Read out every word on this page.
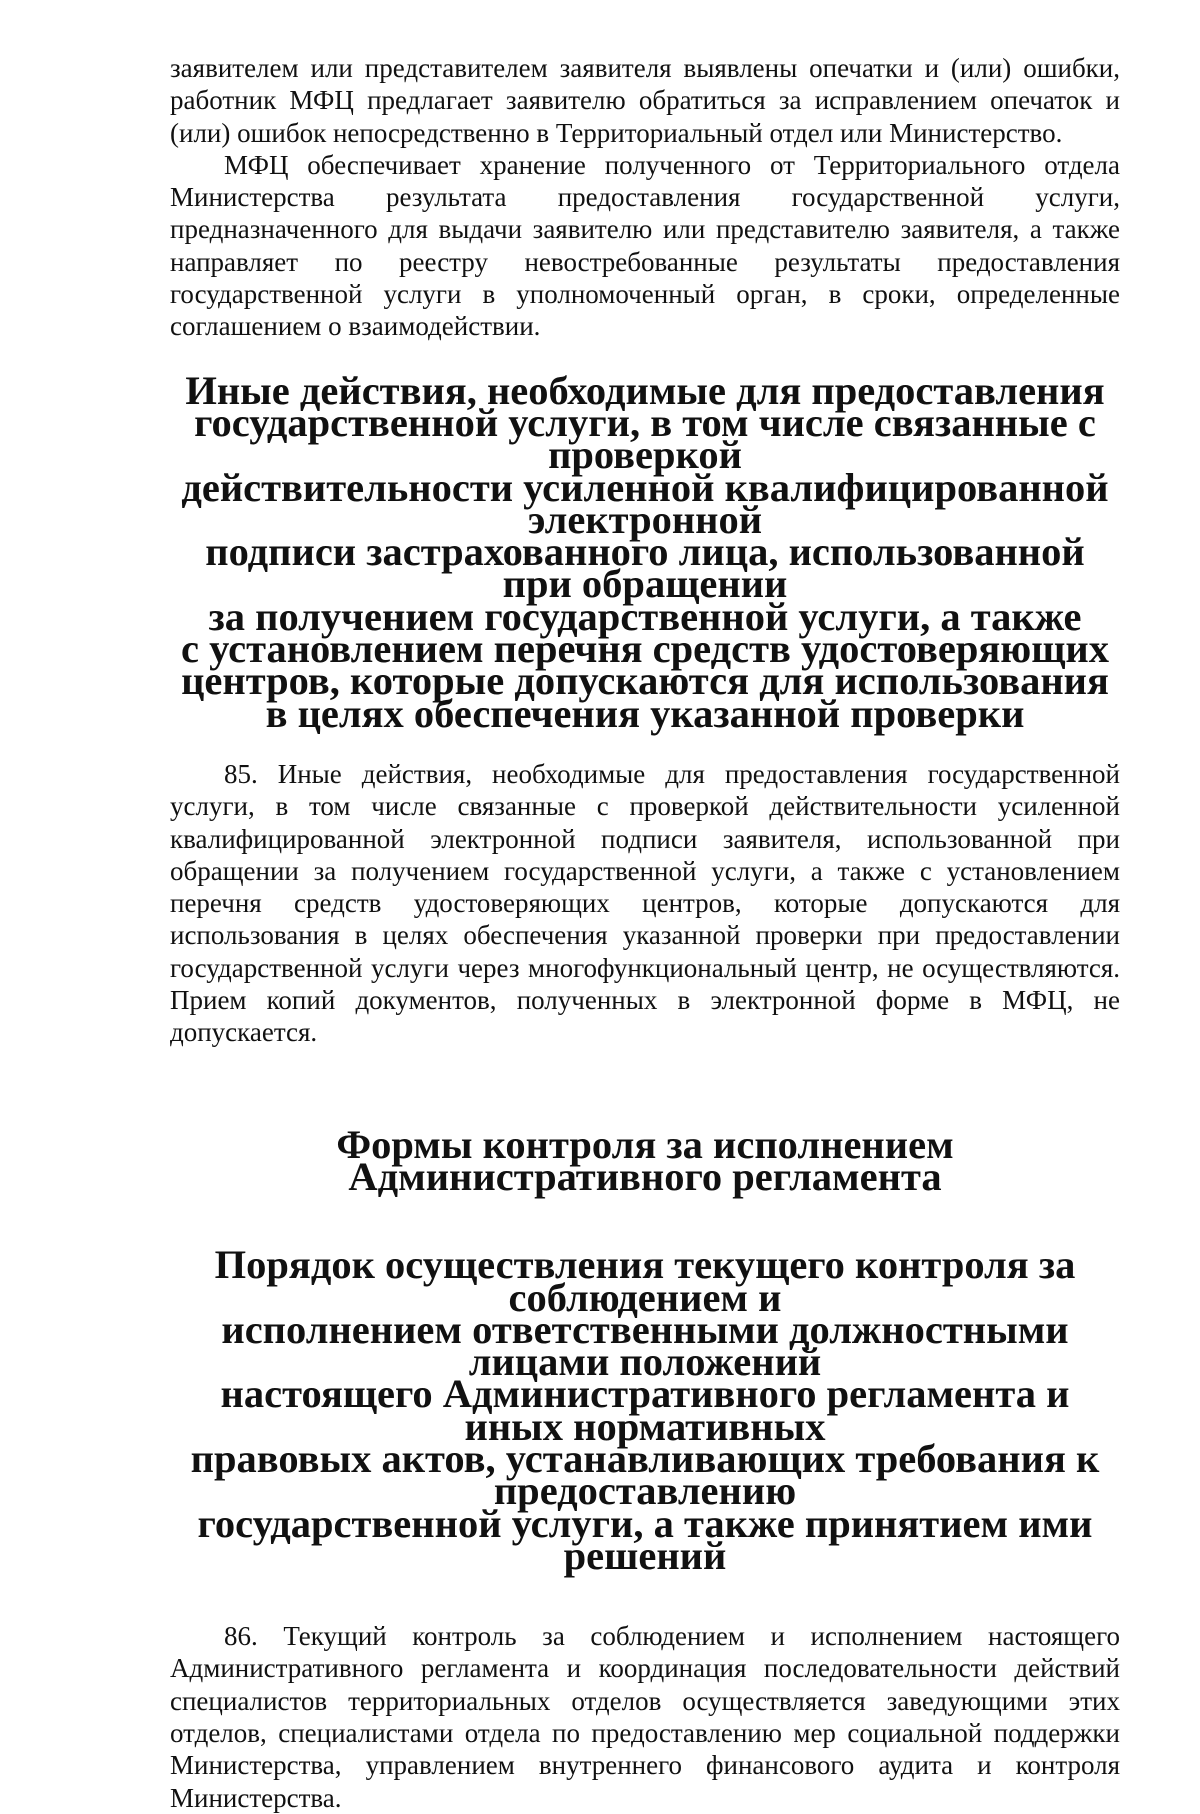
заявителем или представителем заявителя выявлены опечатки и (или) ошибки, работник МФЦ предлагает заявителю обратиться за исправлением опечаток и (или) ошибок непосредственно в Территориальный отдел или Министерство.

МФЦ обеспечивает хранение полученного от Территориального отдела Министерства результата предоставления государственной услуги, предназначенного для выдачи заявителю или представителю заявителя, а также направляет по реестру невостребованные результаты предоставления государственной услуги в уполномоченный орган, в сроки, определенные соглашением о взаимодействии.

Иные действия, необходимые для предоставления
государственной услуги, в том числе связанные с проверкой
действительности усиленной квалифицированной электронной
подписи застрахованного лица, использованной при обращении
за получением государственной услуги, а также
с установлением перечня средств удостоверяющих
центров, которые допускаются для использования
в целях обеспечения указанной проверки

85. Иные действия, необходимые для предоставления государственной услуги, в том числе связанные с проверкой действительности усиленной квалифицированной электронной подписи заявителя, использованной при обращении за получением государственной услуги, а также с установлением перечня средств удостоверяющих центров, которые допускаются для использования в целях обеспечения указанной проверки при предоставлении государственной услуги через многофункциональный центр, не осуществляются. Прием копий документов, полученных в электронной форме в МФЦ, не допускается.

Формы контроля за исполнением Административного регламента
Порядок осуществления текущего контроля за соблюдением и
исполнением ответственными должностными лицами положений
настоящего Административного регламента и иных нормативных
правовых актов, устанавливающих требования к предоставлению
государственной услуги, а также принятием ими решений

86. Текущий контроль за соблюдением и исполнением настоящего Административного регламента и координация последовательности действий специалистов территориальных отделов осуществляется заведующими этих отделов, специалистами отдела по предоставлению мер социальной поддержки Министерства, управлением внутреннего финансового аудита и контроля Министерства.
